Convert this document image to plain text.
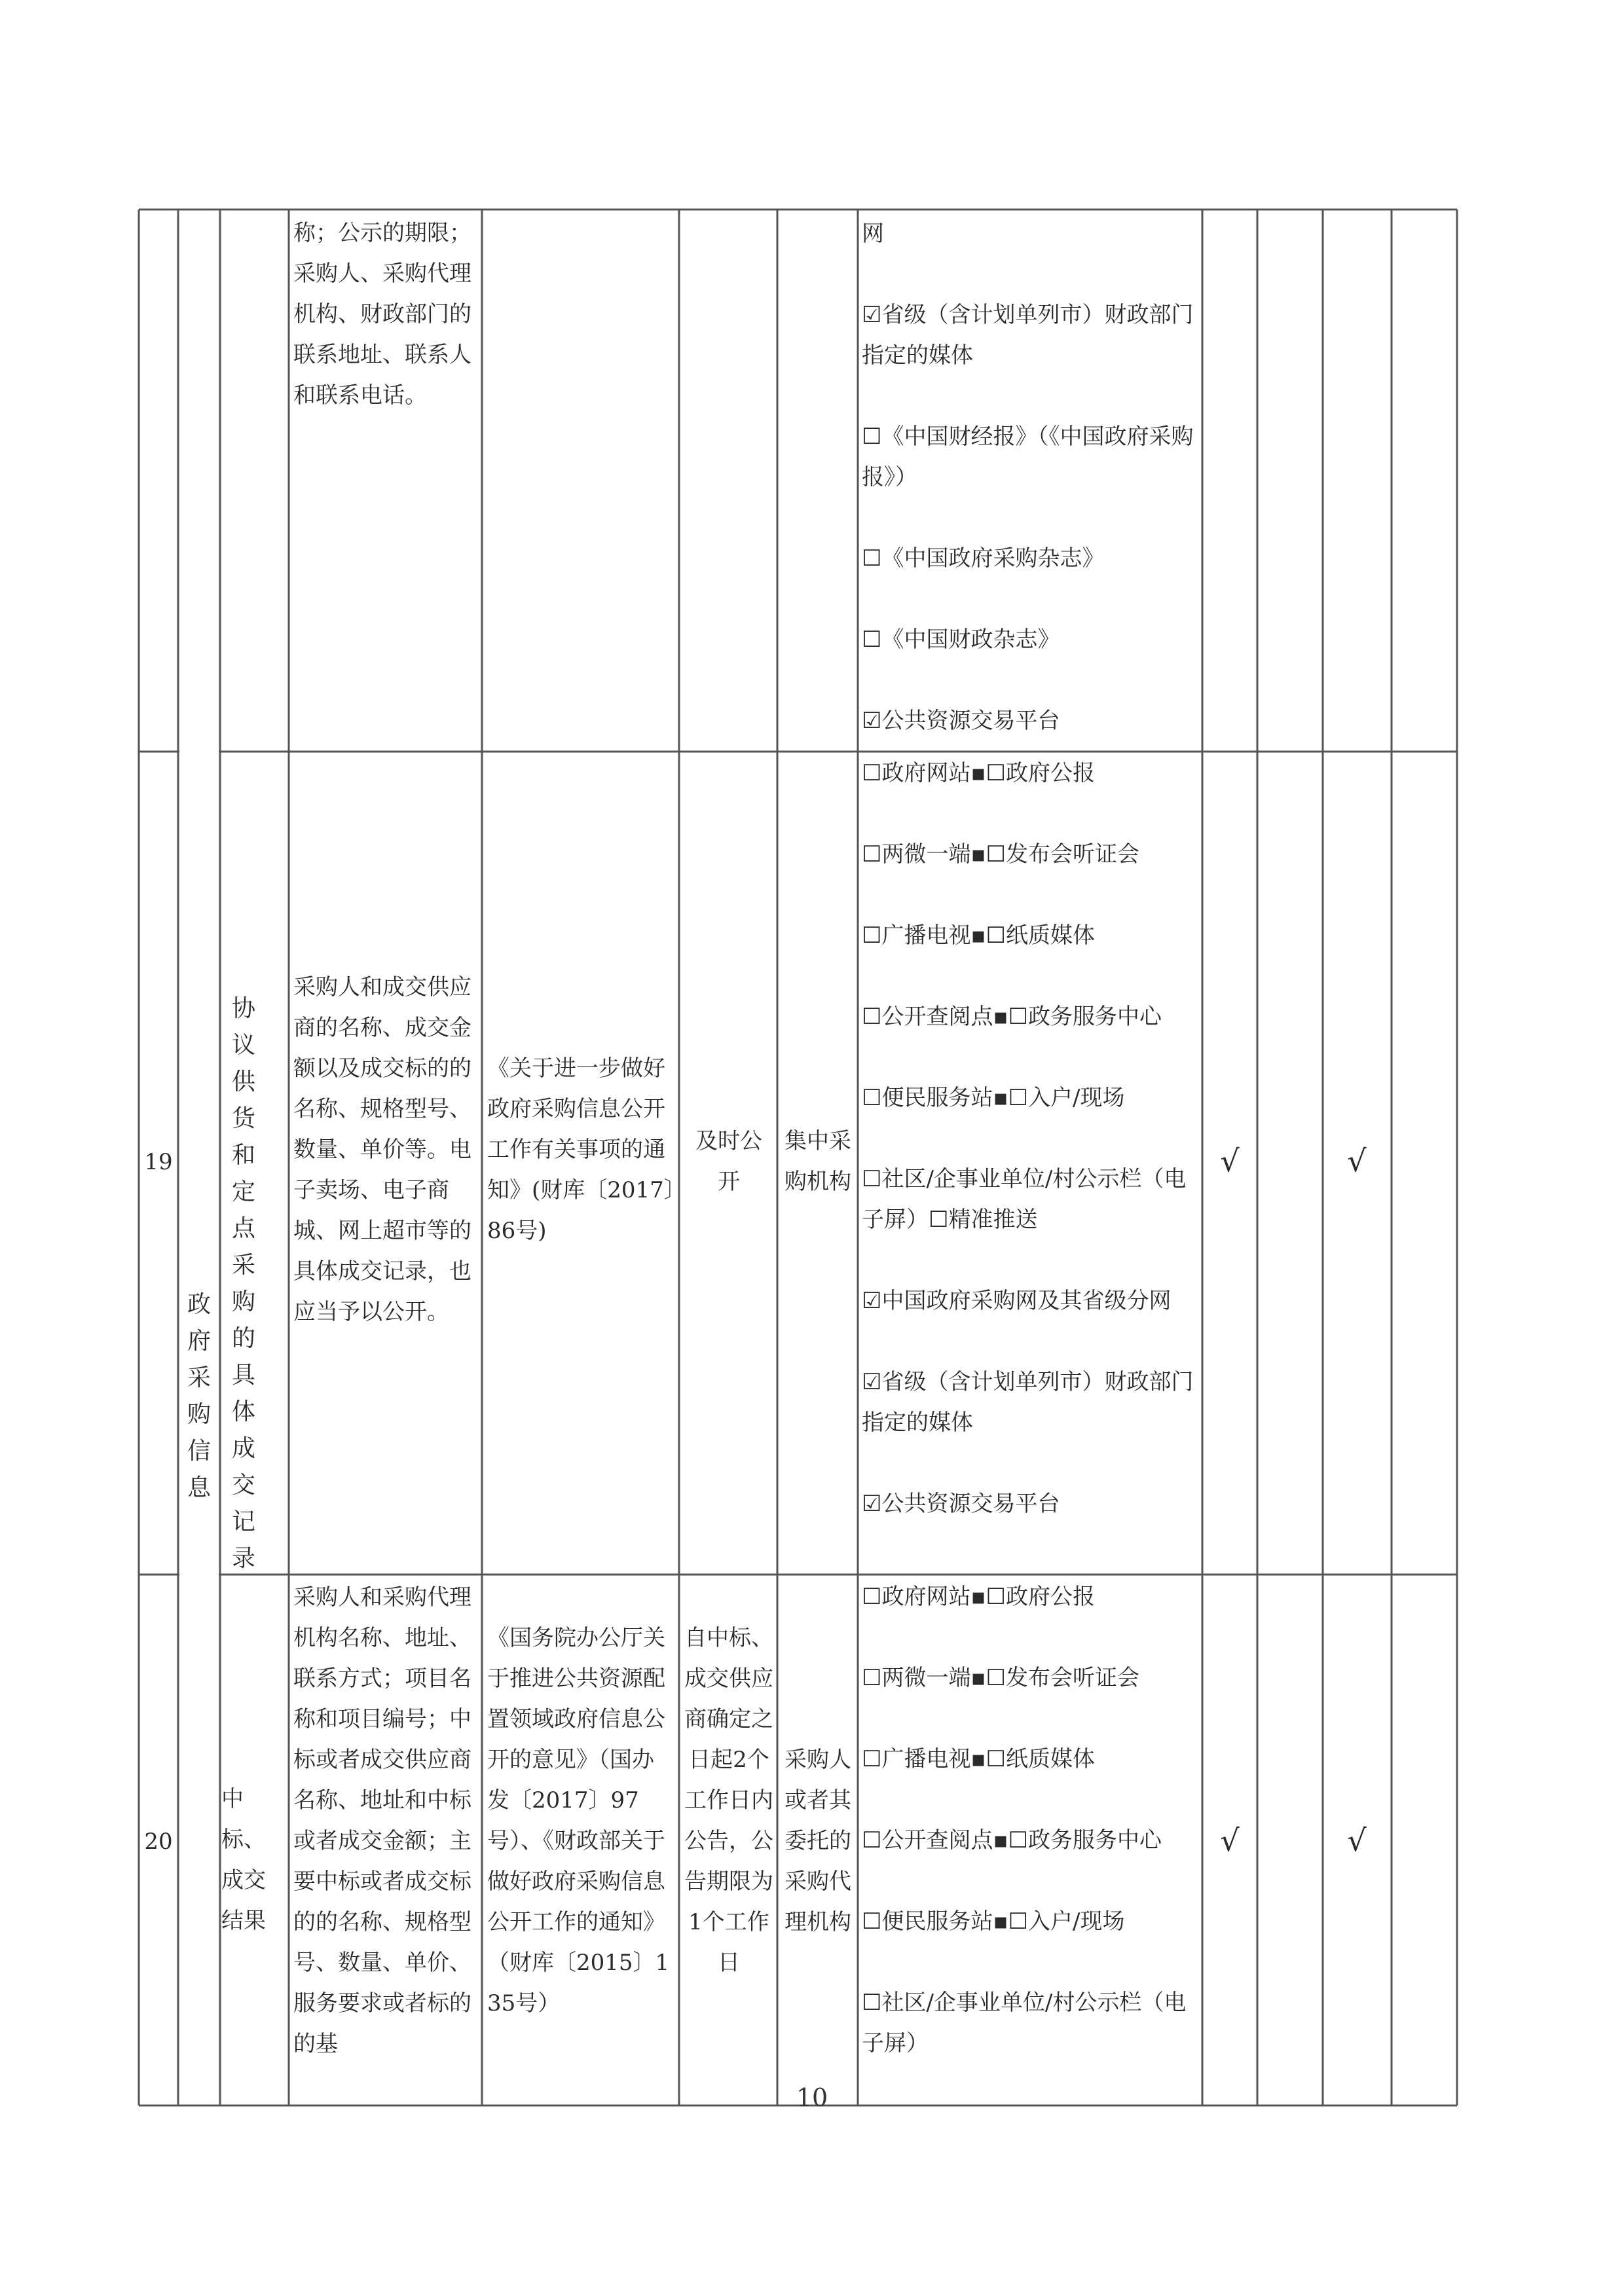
称；公示的期限；

采购人、采购代理

机构、财政部门的

联系地址、联系人

和联系电话。

网
☑省级（含计划单列市）财政部门指定的媒体
☐《中国财经报》（《中国政府采购报》）
☐《中国政府采购杂志》
☐《中国财政杂志》
☑公共资源交易平台
政府采购信息
19
协议供货和定点采购的具体成交记录
采购人和成交供应商的名称、成交金额以及成交标的的名称、规格型号、数量、单价等。电子卖场、电子商城、网上超市等的具体成交记录，也应当予以公开。
《关于进一步做好政府采购信息公开工作有关事项的通知》(财库〔2017〕86号)
及时公开
集中采购机构
☐政府网站▪☐政府公报
☐两微一端▪☐发布会听证会
☐广播电视▪☐纸质媒体
☐公开查阅点▪☐政务服务中心
☐便民服务站▪☐入户/现场
☐社区/企事业单位/村公示栏（电子屏）☐精准推送
☑中国政府采购网及其省级分网
☑省级（含计划单列市）财政部门指定的媒体
☑公共资源交易平台
√	√
20
中标、成交结果
采购人和采购代理机构名称、地址、联系方式；项目名称和项目编号；中标或者成交供应商名称、地址和中标或者成交金额；主要中标或者成交标的的名称、规格型号、数量、单价、服务要求或者标的的基
《国务院办公厅关于推进公共资源配置领域政府信息公开的意见》（国办发〔2017〕97号）、《财政部关于做好政府采购信息公开工作的通知》（财库〔2015〕135号）
自中标、成交供应商确定之日起2个工作日内公告，公告期限为1个工作日
采购人或者其委托的采购代理机构
☐政府网站▪☐政府公报
☐两微一端▪☐发布会听证会
☐广播电视▪☐纸质媒体
☐公开查阅点▪☐政务服务中心
☐便民服务站▪☐入户/现场
☐社区/企事业单位/村公示栏（电子屏）
√	√
10
